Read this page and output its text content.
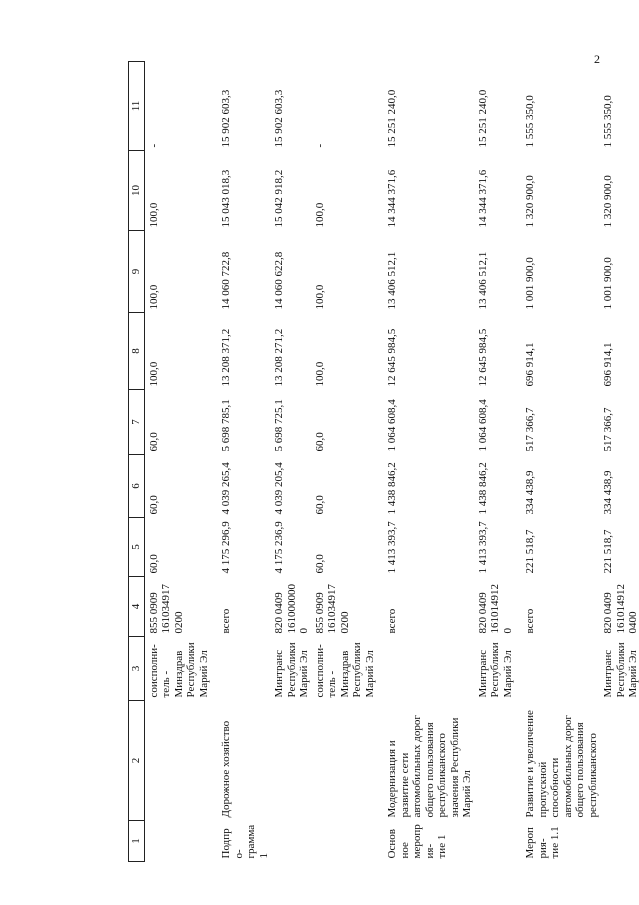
2
1	2	3	4	5	6	7	8	9	10	11
		соисполни-
тель -
Минздрав
Республики
Марий Эл	855 0909
161034917
0200	60,0	60,0	60,0	100,0	100,0	100,0	-
Подпро-
грамма 1	Дорожное хозяйство		всего	4 175 296,9	4 039 265,4	5 698 785,1	13 208 371,2	14 060 722,8	15 043 018,3	15 902 603,3
		Минтранс
Республики
Марий Эл	820 0409
1610000000	4 175 236,9	4 039 205,4	5 698 725,1	13 208 271,2	14 060 622,8	15 042 918,2	15 902 603,3
		соисполни-
тель -
Минздрав
Республики
Марий Эл	855 0909
161034917
0200	60,0	60,0	60,0	100,0	100,0	100,0	-
Основное
мероприя-
тие 1	Модернизация и развитие сети автомобильных дорог общего пользования республиканского значения Республики Марий Эл		всего	1 413 393,7	1 438 846,2	1 064 608,4	12 645 984,5	13 406 512,1	14 344 371,6	15 251 240,0
		Минтранс
Республики
Марий Эл	820 0409
161014912
0	1 413 393,7	1 438 846,2	1 064 608,4	12 645 984,5	13 406 512,1	14 344 371,6	15 251 240,0
Мероприя-
тие 1.1	Развитие и увеличение пропускной способности автомобильных дорог общего пользования республиканского		всего	221 518,7	334 438,9	517 366,7	696 914,1	1 001 900,0	1 320 900,0	1 555 350,0
		Минтранс
Республики
Марий Эл	820 0409
161014912
0400	221 518,7	334 438,9	517 366,7	696 914,1	1 001 900,0	1 320 900,0	1 555 350,0
